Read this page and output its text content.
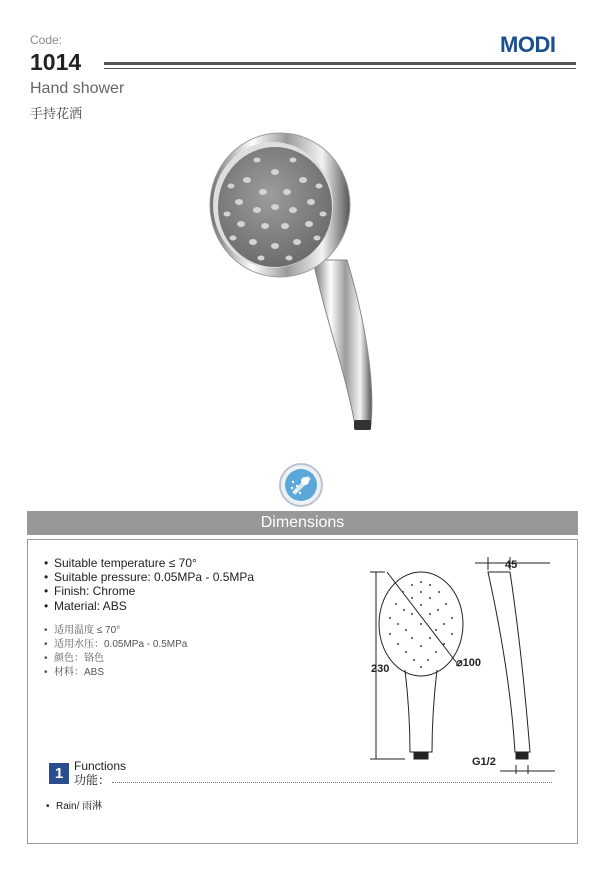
Code:
1014
MODI
Hand shower
手持花洒
Dimensions
• Suitable temperature ≤ 70°
• Suitable pressure: 0.05MPa - 0.5MPa
• Finish: Chrome
• Material: ABS
• 适用温度 ≤ 70°
• 适用水压：0.05MPa - 0.5MPa
• 颜色：铬色
• 材料：ABS	230
45
⌀100
G1/2
1 Functions
功能：
• Rain/ 雨淋
